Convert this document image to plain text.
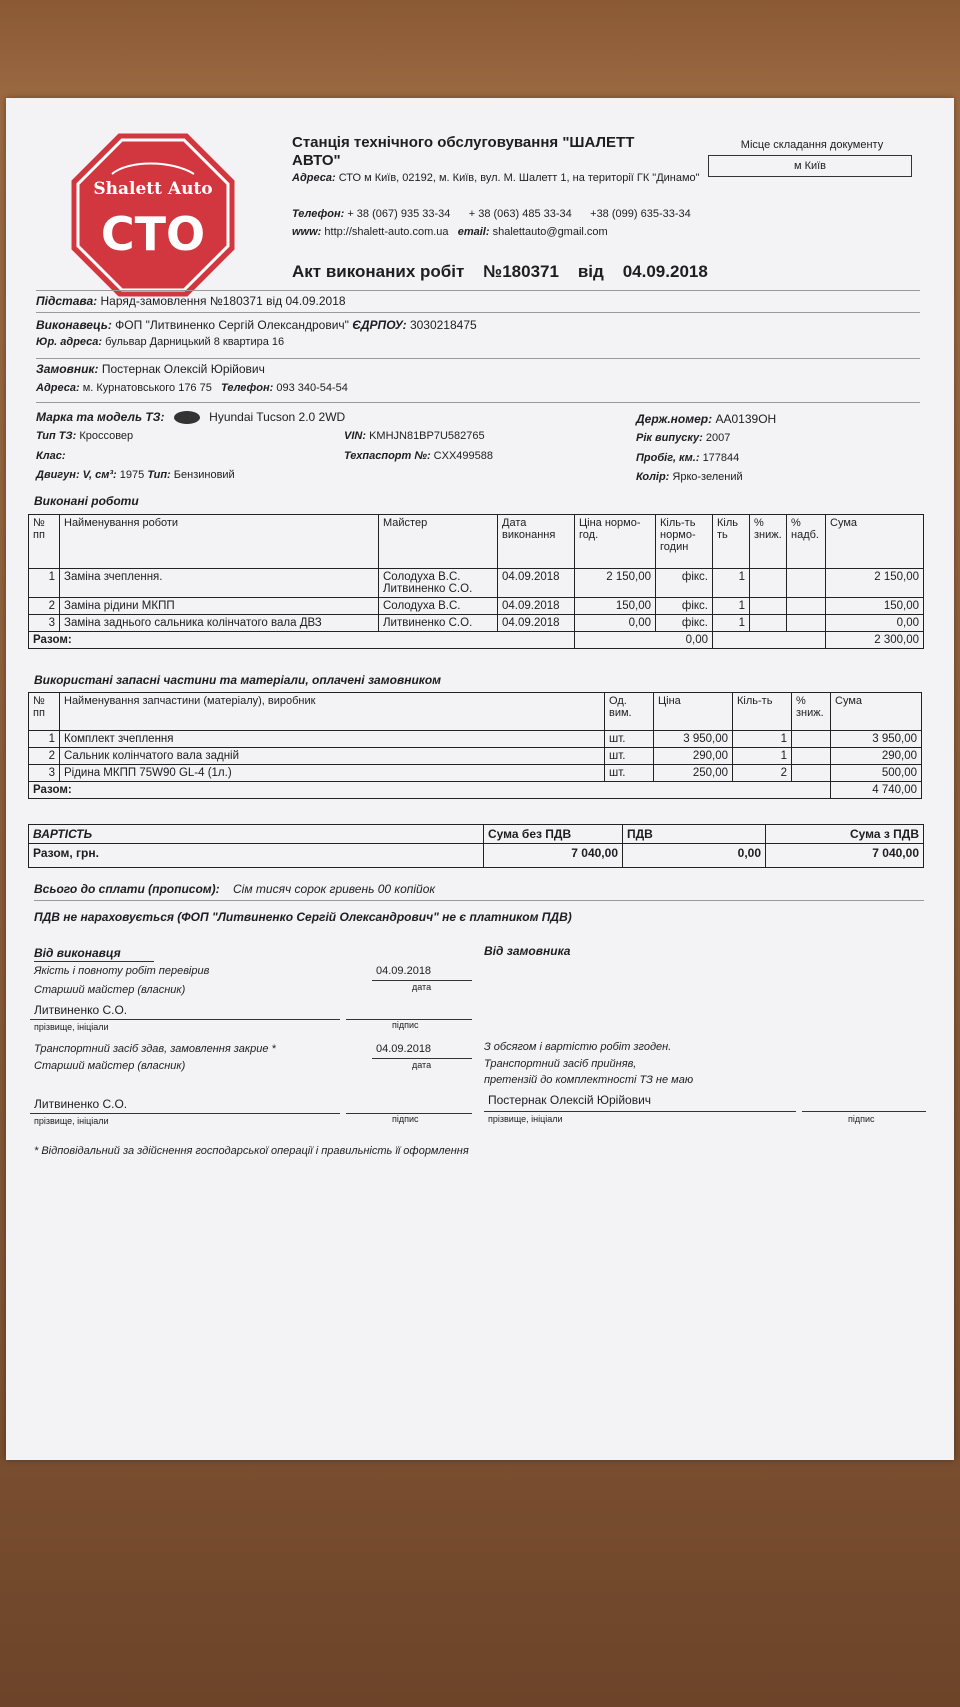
Shalett Auto
СТО
Станція технічного обслуговування "ШАЛЕТТ АВТО"
Адреса: СТО м Київ, 02192, м. Київ, вул. М. Шалетт 1, на території ГК "Динамо"
Телефон: + 38 (067) 935 33-34 + 38 (063) 485 33-34 +38 (099) 635-33-34
www: http://shalett-auto.com.ua email: shalettauto@gmail.com
Місце складання документу
м Київ
Акт виконаних робіт №180371 від 04.09.2018
Підстава: Наряд-замовлення №180371 від 04.09.2018
Виконавець: ФОП "Литвиненко Сергій Олександрович" ЄДРПОУ: 3030218475
Юр. адреса: бульвар Дарницький 8 квартира 16
Замовник: Постернак Олексій Юрійович
Адреса: м. Курнатовського 176 75 Телефон: 093 340-54-54
Марка та модель ТЗ:	Hyundai Tucson 2.0 2WD
Тип ТЗ: Кроссовер
Клас:
Двигун: V, см³: 1975 Тип: Бензиновий
VIN: KMHJN81BP7U582765
Техпаспорт №: CXX499588
Держ.номер: AA0139OH
Рік випуску: 2007
Пробіг, км.: 177844
Колір: Яркo-зелений
Виконані роботи
№ пп	Найменування роботи	Майстер	Дата виконання	Ціна нормо-год.	Кіль-ть нормо-годин	Кіль ть	% зниж.	% надб.	Сума
1	Заміна зчеплення.	Солодуха В.С.
Литвиненко С.О.	04.09.2018	2 150,00	фікс.	1			2 150,00
2	Заміна рідини МКПП	Солодуха В.С.	04.09.2018	150,00	фікс.	1			150,00
3	Заміна заднього сальника колінчатого вала ДВЗ	Литвиненко С.О.	04.09.2018	0,00	фікс.	1			0,00
Разом:				0,00					2 300,00
Використані запасні частини та матеріали, оплачені замовником
№ пп	Найменування запчастини (матеріалу), виробник	Од. вим.	Ціна	Кіль-ть	% зниж.	Сума
1	Комплект зчеплення	шт.	3 950,00	1		3 950,00
2	Сальник колінчатого вала задній	шт.	290,00	1		290,00
3	Рідина МКПП 75W90 GL-4 (1л.)	шт.	250,00	2		500,00
Разом:						4 740,00
ВАРТІСТЬ	Сума без ПДВ	ПДВ	Сума з ПДВ
Разом, грн.	7 040,00	0,00	7 040,00
Всього до сплати (прописом): Сім тисяч сорок гривень 00 копійок
ПДВ не нараховується (ФОП "Литвиненко Сергій Олександрович" не є платником ПДВ)
Від виконавця	Від замовника
Якість і повноту робіт перевірив	04.09.2018
Старший майстер (власник)	дата
Литвиненко С.О.
прізвище, ініціали	підпис
Транспортний засіб здав, замовлення закрие *	04.09.2018
Старший майстер (власник)	дата
З обсягом і вартістю робіт згоден.
Транспортний засіб прийняв,
претензій до комплектності ТЗ не маю
Литвиненко С.О.
прізвище, ініціали	підпис
Постернак Олексій Юрійович
прізвище, ініціали	підпис
* Відповідальний за здійснення господарської операції і правильність її оформлення
